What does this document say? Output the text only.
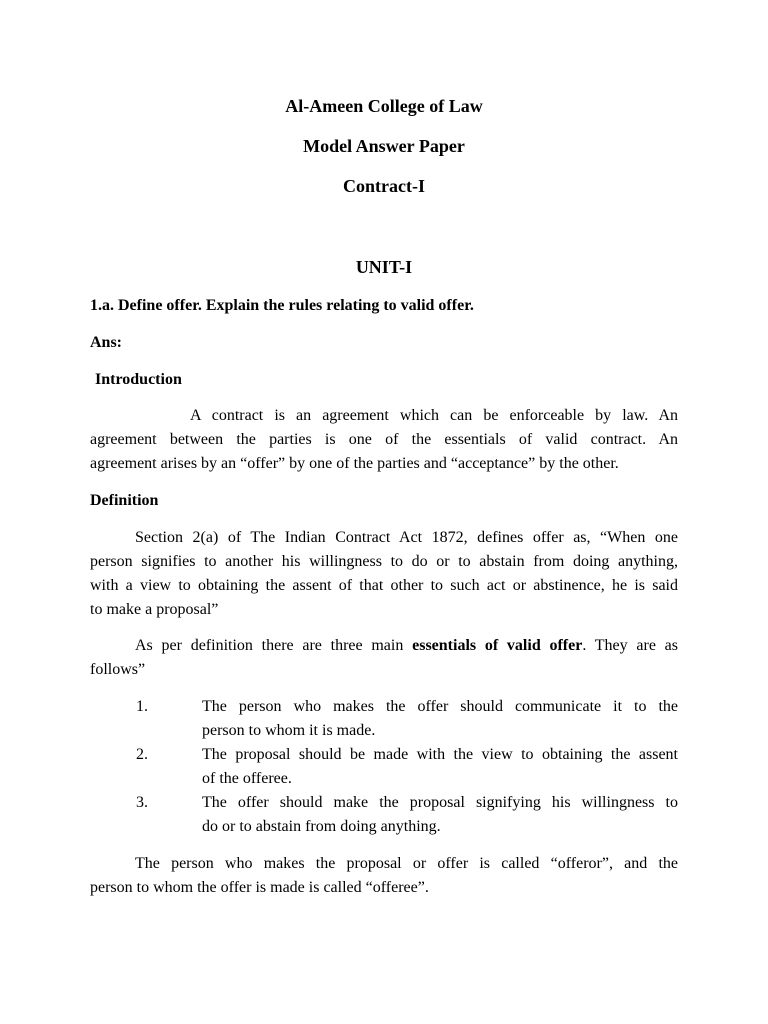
Al-Ameen College of Law
Model Answer Paper
Contract-I
UNIT-I
1.a. Define offer. Explain the rules relating to valid offer.
Ans:
Introduction
A contract is an agreement which can be enforceable by law. An
agreement between the parties is one of the essentials of valid contract. An
agreement arises by an “offer” by one of the parties and “acceptance” by the other.
Definition
Section 2(a) of The Indian Contract Act 1872, defines offer as, “When one
person signifies to another his willingness to do or to abstain from doing anything,
with a view to obtaining the assent of that other to such act or abstinence, he is said
to make a proposal”
As per definition there are three main essentials of valid offer. They are as
follows”
1.	The person who makes the offer should communicate it to the
person to whom it is made.
2.	The proposal should be made with the view to obtaining the assent
of the offeree.
3.	The offer should make the proposal signifying his willingness to
do or to abstain from doing anything.
The person who makes the proposal or offer is called “offeror”, and the
person to whom the offer is made is called “offeree”.
